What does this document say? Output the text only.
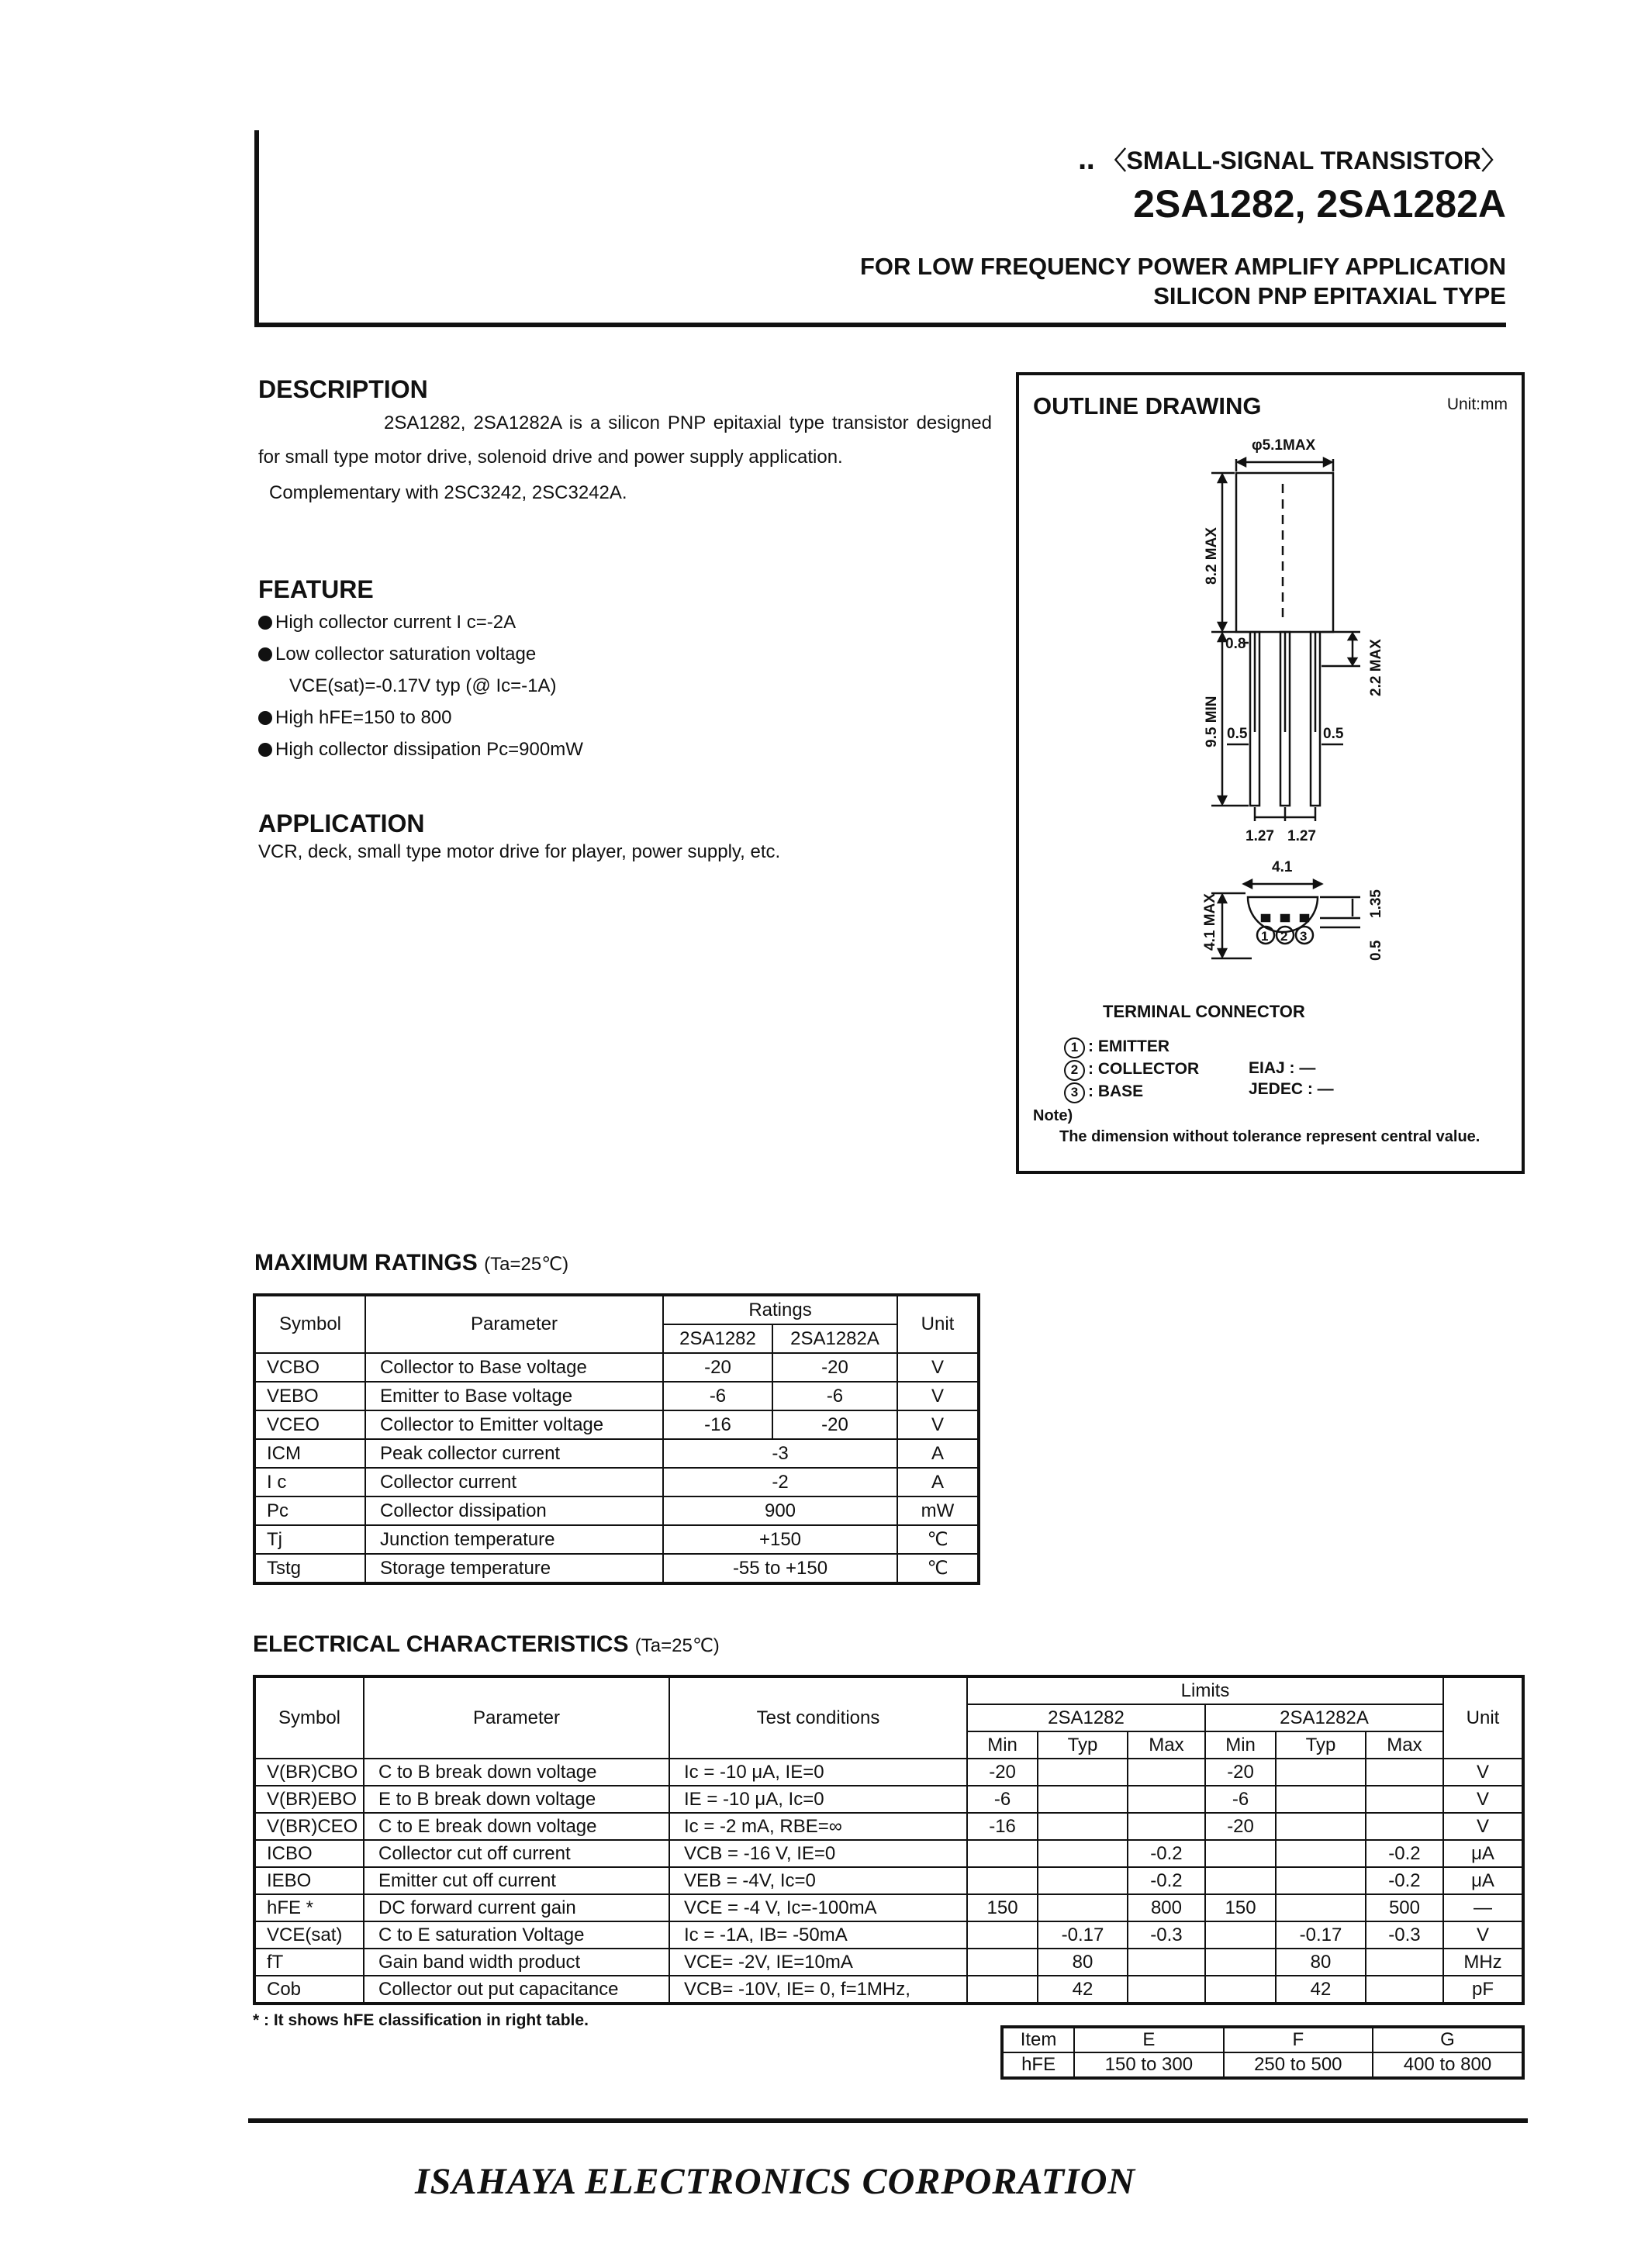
‥ 〈SMALL-SIGNAL TRANSISTOR〉
2SA1282, 2SA1282A
FOR LOW FREQUENCY POWER AMPLIFY APPLICATION
SILICON PNP EPITAXIAL TYPE
DESCRIPTION

2SA1282, 2SA1282A is a silicon PNP epitaxial type transistor designed for small type motor drive, solenoid drive and power supply application.

Complementary with 2SC3242, 2SC3242A.

FEATURE
High collector current I c=-2A
Low collector saturation voltage
VCE(sat)=-0.17V typ (@ Ic=-1A)
High hFE=150 to 800
High collector dissipation Pc=900mW
APPLICATION
VCR, deck, small type motor drive for player, power supply, etc.
OUTLINE DRAWING	Unit:mm
φ5.1MAX
8.2 MAX
9.5 MIN
0.8	2.2 MAX
0.5	0.5
1.27 1.27
4.1
4.1 MAX	1.35
0.5
1 2 3
TERMINAL CONNECTOR
1 : EMITTER
2 : COLLECTOR
3 : BASE
EIAJ : —
JEDEC : —
Note)
The dimension without tolerance represent central value.
MAXIMUM RATINGS (Ta=25℃)
Symbol	Parameter	Ratings		Unit
		2SA1282	2SA1282A	
VCBO	Collector to Base voltage	-20	-20	V
VEBO	Emitter to Base voltage	-6	-6	V
VCEO	Collector to Emitter voltage	-16	-20	V
ICM	Peak collector current	-3		A
I c	Collector current	-2		A
Pc	Collector dissipation	900		mW
Tj	Junction temperature	+150		℃
Tstg	Storage temperature	-55 to +150		℃
ELECTRICAL CHARACTERISTICS (Ta=25℃)
Symbol	Parameter	Test conditions	Limits						Unit
			2SA1282			2SA1282A			
			Min	Typ	Max	Min	Typ	Max	
V(BR)CBO	C to B break down voltage	Ic = -10 μA, IE=0	-20			-20			V
V(BR)EBO	E to B break down voltage	IE = -10 μA, Ic=0	-6			-6			V
V(BR)CEO	C to E break down voltage	Ic = -2 mA, RBE=∞	-16			-20			V
ICBO	Collector cut off current	VCB = -16 V, IE=0			-0.2			-0.2	μA
IEBO	Emitter cut off current	VEB = -4V, Ic=0			-0.2			-0.2	μA
hFE *	DC forward current gain	VCE = -4 V, Ic=-100mA	150		800	150		500	—
VCE(sat)	C to E saturation Voltage	Ic = -1A, IB= -50mA		-0.17	-0.3		-0.17	-0.3	V
fT	Gain band width product	VCE= -2V, IE=10mA		80			80		MHz
Cob	Collector out put capacitance	VCB= -10V, IE= 0, f=1MHz,		42			42		pF
* : It shows hFE classification in right table.
Item	E	F	G
hFE	150 to 300	250 to 500	400 to 800
ISAHAYA ELECTRONICS CORPORATION
